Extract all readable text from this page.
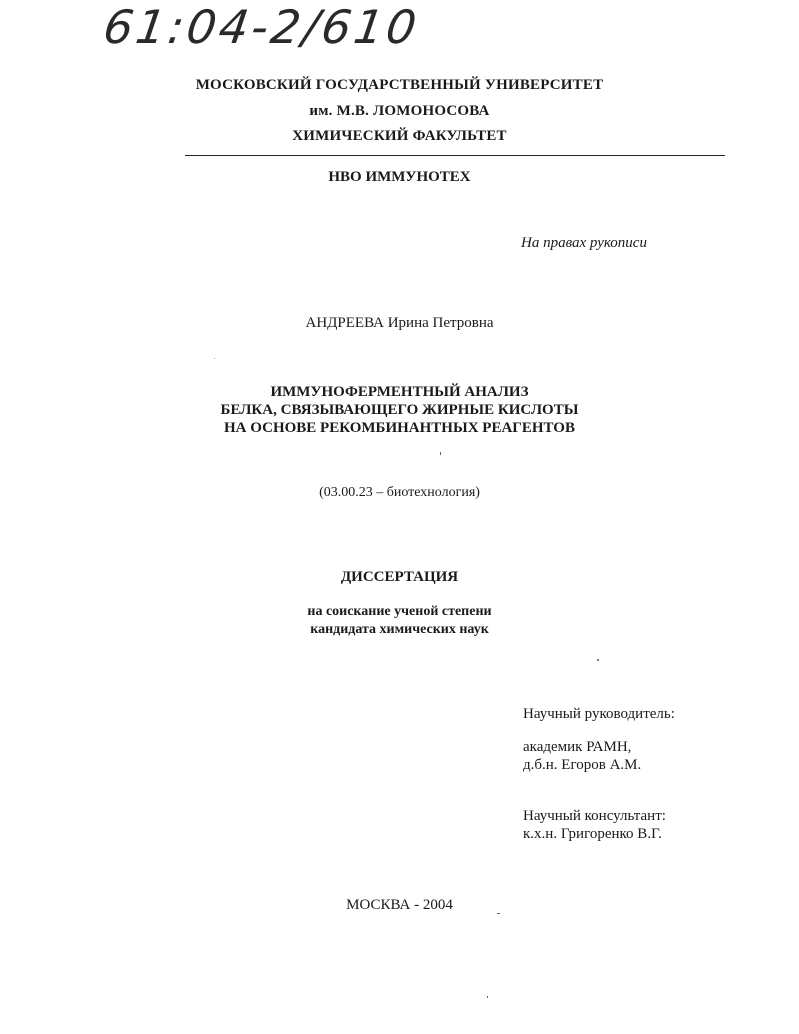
61:04-2/610
МОСКОВСКИЙ ГОСУДАРСТВЕННЫЙ УНИВЕРСИТЕТ
им. М.В. ЛОМОНОСОВА
ХИМИЧЕСКИЙ ФАКУЛЬТЕТ
НВО ИММУНОТЕХ
На правах рукописи
АНДРЕЕВА Ирина Петровна
ИММУНОФЕРМЕНТНЫЙ АНАЛИЗ
БЕЛКА, СВЯЗЫВАЮЩЕГО ЖИРНЫЕ КИСЛОТЫ
НА ОСНОВЕ РЕКОМБИНАНТНЫХ РЕАГЕНТОВ
(03.00.23 – биотехнология)
ДИССЕРТАЦИЯ
на соискание ученой степени
кандидата химических наук
Научный руководитель:
академик РАМН,
д.б.н. Егоров А.М.
Научный консультант:
к.х.н. Григоренко В.Г.
МОСКВА - 2004
